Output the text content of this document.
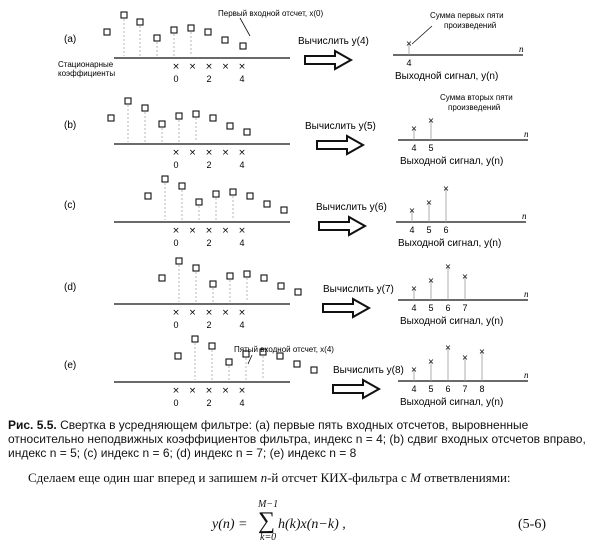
(a)
× × × × ×
0	2	4
Вычислить y(4)
n
×
4
Выходной сигнал, y(n)
(b)
× × × × ×
0	2	4
Вычислить y(5)
n
×
4
×
5
Выходной сигнал, y(n)
(c)
× × × × ×
0	2	4
Вычислить y(6)
n
×
4
×
5
×
6
Выходной сигнал, y(n)
(d)
× × × × ×
0	2	4
Вычислить y(7)	n
×
4
×
5
×
6
×
7
Выходной сигнал, y(n)
(e)
× × × × ×
0	2	4
Вычислить y(8)	n
×
4
×
5
×
6
×
7
×
8
Выходной сигнал, y(n)
Первый входной отсчет, x(0)
Стационарные
коэффициенты
Сумма первых пяти
произведений
Сумма вторых пяти
произведений
Пятый входной отсчет, x(4)
Рис. 5.5. Свертка в усредняющем фильтре: (a) первые пять входных отсчетов, выровненные относительно неподвижных коэффициентов фильтра, индекс n = 4; (b) сдвиг входных отсчетов вправо, индекс n = 5; (c) индекс n = 6; (d) индекс n = 7; (e) индекс n = 8
Сделаем еще один шаг вперед и запишем n-й отсчет КИХ-фильтра с M ответвлениями:
y(n) =
M−1
∑
k=0
h(k)x(n−k) ,	(5-6)
